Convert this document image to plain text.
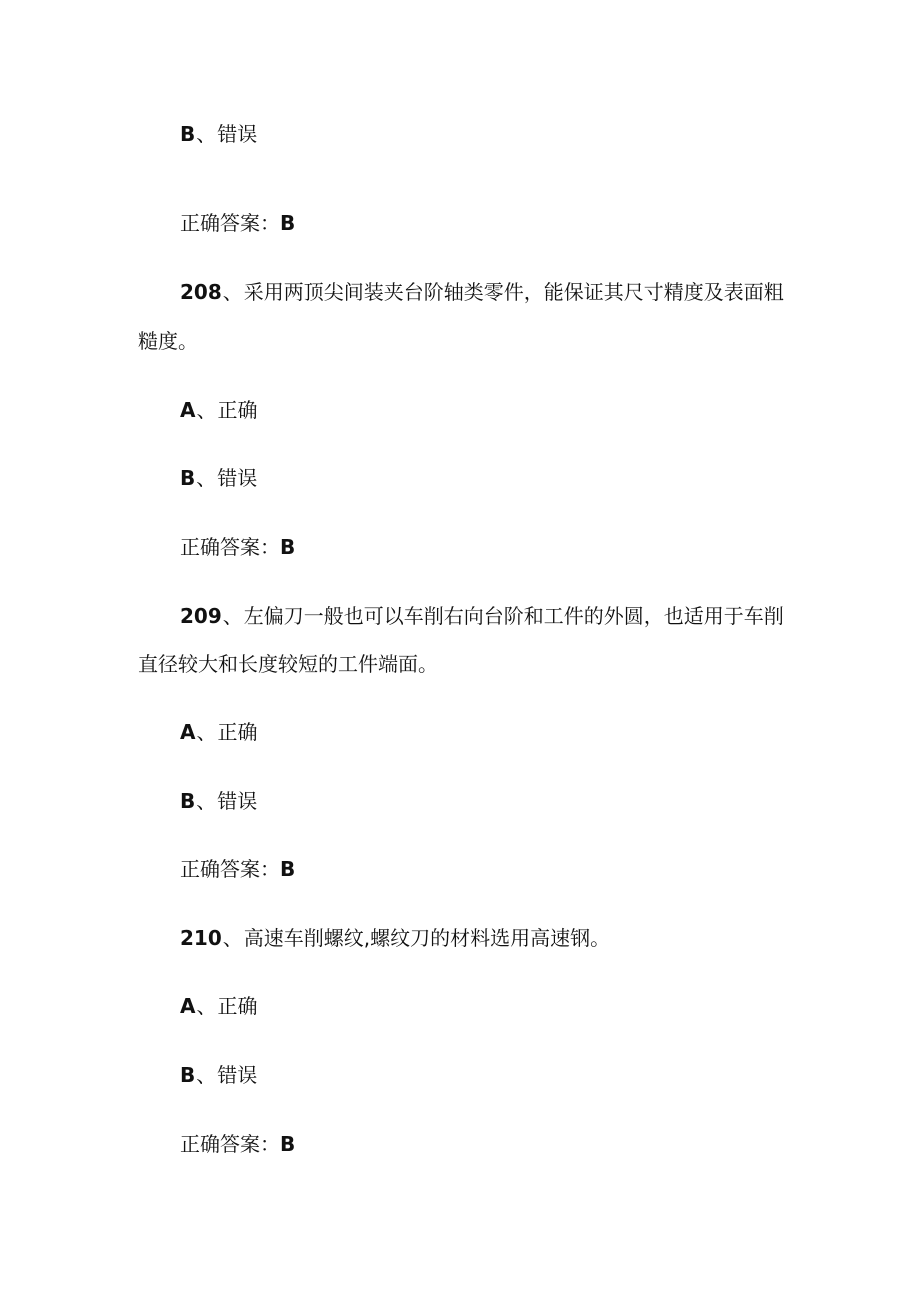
B、错误
正确答案：B
208、采用两顶尖间装夹台阶轴类零件，能保证其尺寸精度及表面粗
糙度。
A、正确
B、错误
正确答案：B
209、左偏刀一般也可以车削右向台阶和工件的外圆，也适用于车削
直径较大和长度较短的工件端面。
A、正确
B、错误
正确答案：B
210、高速车削螺纹,螺纹刀的材料选用高速钢。
A、正确
B、错误
正确答案：B
